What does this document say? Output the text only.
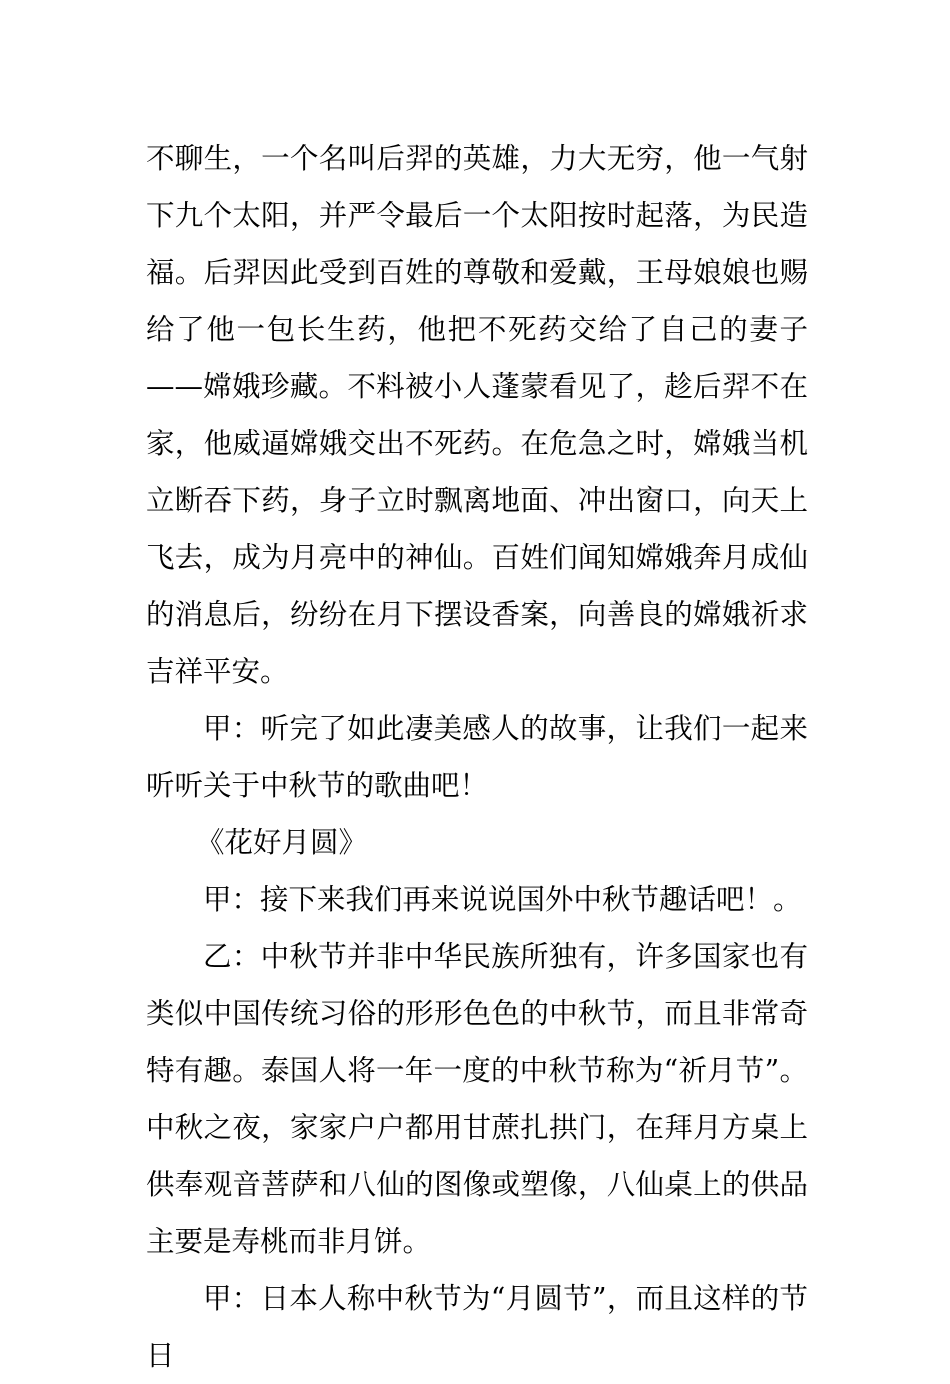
不聊生，一个名叫后羿的英雄，力大无穷，他一气射下九个太阳，并严令最后一个太阳按时起落，为民造福。后羿因此受到百姓的尊敬和爱戴，王母娘娘也赐给了他一包长生药，他把不死药交给了自己的妻子——嫦娥珍藏。不料被小人蓬蒙看见了，趁后羿不在家，他威逼嫦娥交出不死药。在危急之时，嫦娥当机立断吞下药，身子立时飘离地面、冲出窗口，向天上飞去，成为月亮中的神仙。百姓们闻知嫦娥奔月成仙的消息后，纷纷在月下摆设香案，向善良的嫦娥祈求吉祥平安。

甲：听完了如此凄美感人的故事，让我们一起来听听关于中秋节的歌曲吧！

《花好月圆》

甲：接下来我们再来说说国外中秋节趣话吧！。

乙：中秋节并非中华民族所独有，许多国家也有类似中国传统习俗的形形色色的中秋节，而且非常奇特有趣。泰国人将一年一度的中秋节称为“祈月节”。中秋之夜，家家户户都用甘蔗扎拱门，在拜月方桌上供奉观音菩萨和八仙的图像或塑像，八仙桌上的供品主要是寿桃而非月饼。

甲：日本人称中秋节为“月圆节”，而且这样的节日
